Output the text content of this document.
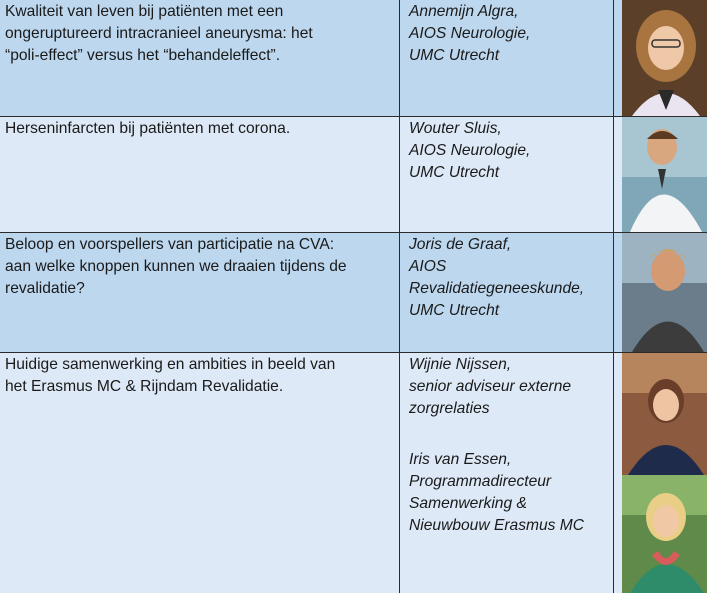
Kwaliteit van leven bij patiënten met een
ongeruptureerd intracranieel aneurysma: het
“poli-effect” versus het “behandeleffect”.
Annemijn Algra,
AIOS Neurologie,
UMC Utrecht
Herseninfarcten bij patiënten met corona.	Wouter Sluis,
AIOS Neurologie,
UMC Utrecht
Beloop en voorspellers van participatie na CVA:
aan welke knoppen kunnen we draaien tijdens de
revalidatie?
Joris de Graaf,
AIOS
Revalidatiegeneeskunde,
UMC Utrecht
Huidige samenwerking en ambities in beeld van
het Erasmus MC & Rijndam Revalidatie.
Wijnie Nijssen,
senior adviseur externe
zorgrelaties
Iris van Essen,
Programmadirecteur
Samenwerking &
Nieuwbouw Erasmus MC
